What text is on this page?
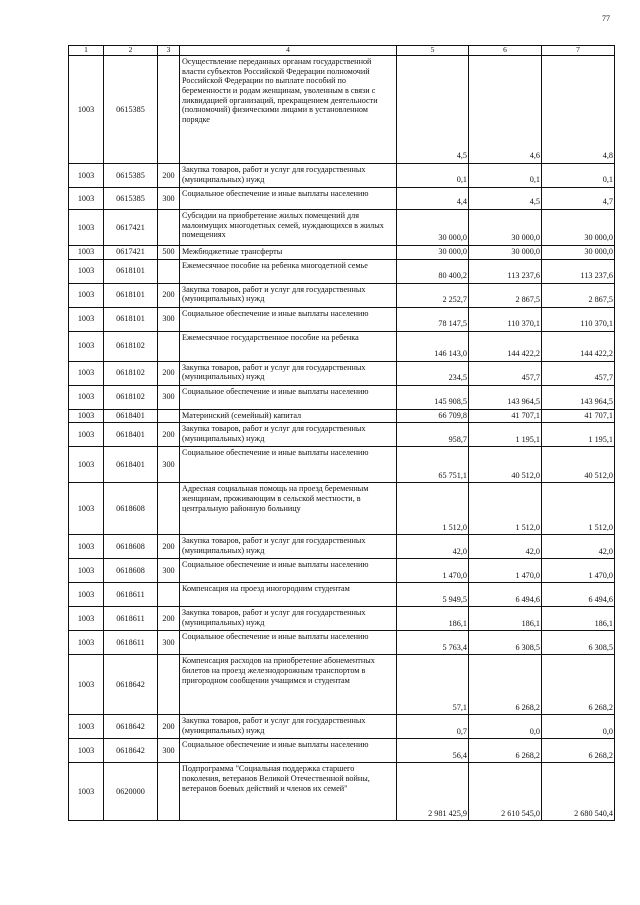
77
1	2	3	4	5	6	7
1003	0615385		Осуществление переданных органам государственной власти субъектов Российской Федерации полномочий Российской Федерации по выплате пособий по беременности и родам женщинам, уволенным в связи с ликвидацией организаций, прекращением деятельности (полномочий) физическими лицами в установленном порядке	4,5	4,6	4,8
1003	0615385	200	Закупка товаров, работ и услуг для государственных (муниципальных) нужд	0,1	0,1	0,1
1003	0615385	300	Социальное обеспечение и иные выплаты населению	4,4	4,5	4,7
1003	0617421		Субсидии на приобретение жилых помещений для малоимущих многодетных семей, нуждающихся в жилых помещениях	30 000,0	30 000,0	30 000,0
1003	0617421	500	Межбюджетные трансферты	30 000,0	30 000,0	30 000,0
1003	0618101		Ежемесячное пособие на ребенка многодетной семье	80 400,2	113 237,6	113 237,6
1003	0618101	200	Закупка товаров, работ и услуг для государственных (муниципальных) нужд	2 252,7	2 867,5	2 867,5
1003	0618101	300	Социальное обеспечение и иные выплаты населению	78 147,5	110 370,1	110 370,1
1003	0618102		Ежемесячное государственное пособие на ребенка	146 143,0	144 422,2	144 422,2
1003	0618102	200	Закупка товаров, работ и услуг для государственных (муниципальных) нужд	234,5	457,7	457,7
1003	0618102	300	Социальное обеспечение и иные выплаты населению	145 908,5	143 964,5	143 964,5
1003	0618401		Материнский (семейный) капитал	66 709,8	41 707,1	41 707,1
1003	0618401	200	Закупка товаров, работ и услуг для государственных (муниципальных) нужд	958,7	1 195,1	1 195,1
1003	0618401	300	Социальное обеспечение и иные выплаты населению	65 751,1	40 512,0	40 512,0
1003	0618608		Адресная социальная помощь на проезд беременным женщинам, проживающим в сельской местности, в центральную районную больницу	1 512,0	1 512,0	1 512,0
1003	0618608	200	Закупка товаров, работ и услуг для государственных (муниципальных) нужд	42,0	42,0	42,0
1003	0618608	300	Социальное обеспечение и иные выплаты населению	1 470,0	1 470,0	1 470,0
1003	0618611		Компенсация на проезд иногородним студентам	5 949,5	6 494,6	6 494,6
1003	0618611	200	Закупка товаров, работ и услуг для государственных (муниципальных) нужд	186,1	186,1	186,1
1003	0618611	300	Социальное обеспечение и иные выплаты населению	5 763,4	6 308,5	6 308,5
1003	0618642		Компенсация расходов на приобретение абонементных билетов на проезд железнодорожным транспортом в пригородном сообщении учащимся и студентам	57,1	6 268,2	6 268,2
1003	0618642	200	Закупка товаров, работ и услуг для государственных (муниципальных) нужд	0,7	0,0	0,0
1003	0618642	300	Социальное обеспечение и иные выплаты населению	56,4	6 268,2	6 268,2
1003	0620000		Подпрограмма "Социальная поддержка старшего поколения, ветеранов Великой Отечественной войны, ветеранов боевых действий и членов их семей"	2 981 425,9	2 610 545,0	2 680 540,4
